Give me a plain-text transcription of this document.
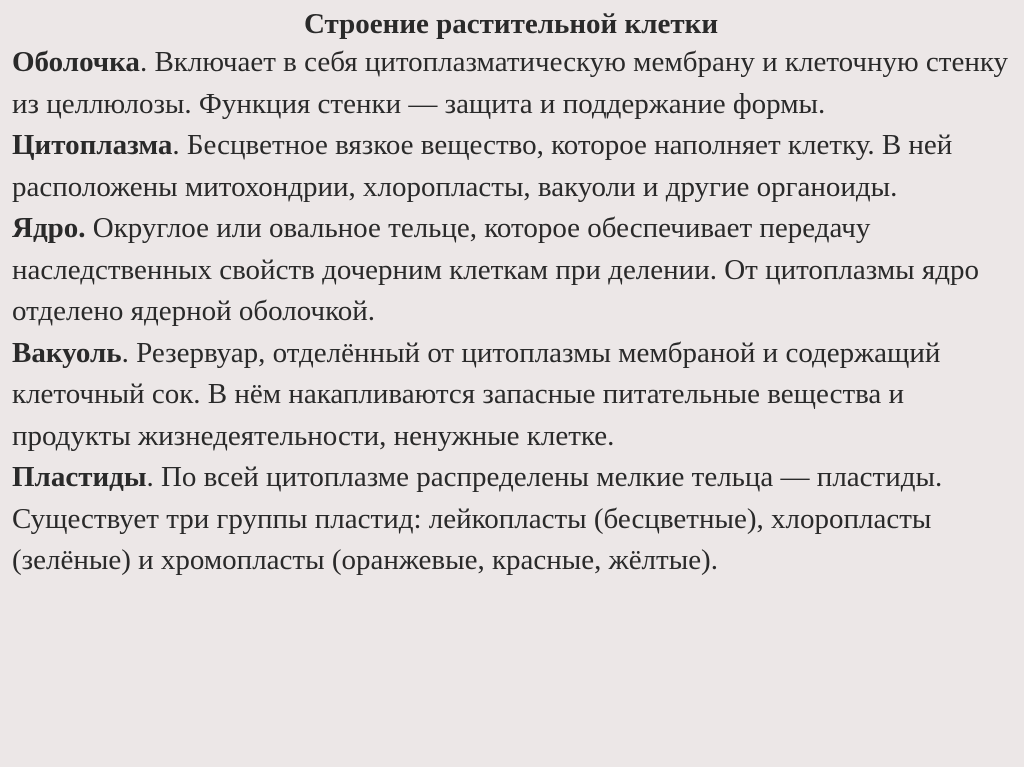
Строение растительной клетки

Оболочка. Включает в себя цитоплазматическую мембрану и клеточную стенку из целлюлозы. Функция стенки — защита и поддержание формы.

Цитоплазма. Бесцветное вязкое вещество, которое наполняет клетку. В ней расположены митохондрии, хлоропласты, вакуоли и другие органоиды.

Ядро. Округлое или овальное тельце, которое обеспечивает передачу наследственных свойств дочерним клеткам при делении. От цитоплазмы ядро отделено ядерной оболочкой.

Вакуоль. Резервуар, отделённый от цитоплазмы мембраной и содержащий клеточный сок. В нём накапливаются запасные питательные вещества и продукты жизнедеятельности, ненужные клетке.

Пластиды. По всей цитоплазме распределены мелкие тельца — пластиды. Существует три группы пластид: лейкопласты (бесцветные), хлоропласты (зелёные) и хромопласты (оранжевые, красные, жёлтые).
